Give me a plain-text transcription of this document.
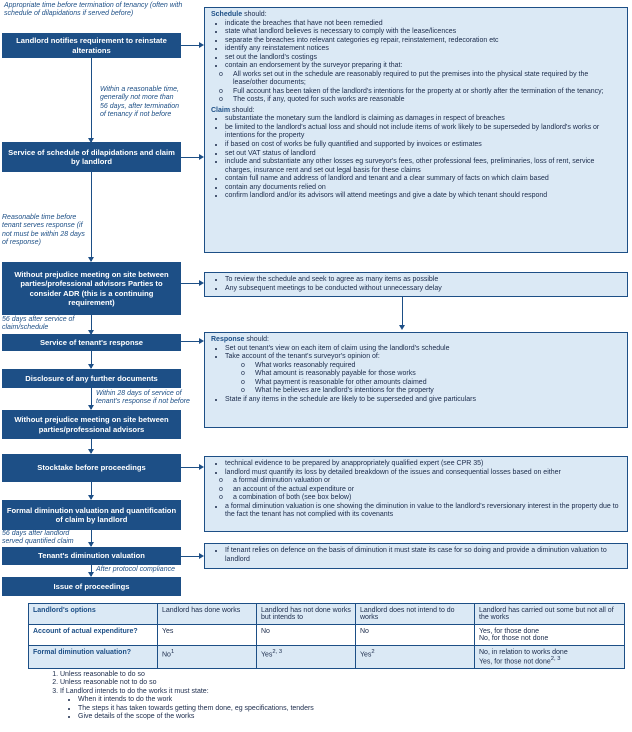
Appropriate time before termination of tenancy (often with schedule of dilapidations if served before)
Landlord notifies requirement to reinstate alterations
Service of schedule of dilapidations and claim by landlord
Without prejudice meeting on site between parties/professional advisors Parties to consider ADR (this is a continuing requirement)
Service of tenant's response
Disclosure of any further documents
Without prejudice meeting on site between parties/professional advisors
Stocktake before proceedings
Formal diminution valuation and quantification of claim by landlord
Tenant's diminution valuation
Issue of proceedings
Within a reasonable time, generally not more than 56 days, after termination of tenancy if not before
Reasonable time before tenant serves response (if not must be within 28 days of response)
56 days after service of claim/schedule
Within 28 days of service of tenant's response if not before
56 days after landlord served quantified claim
After protocol compliance
Schedule should:
• indicate the breaches that have not been remedied
• state what landlord believes is necessary to comply with the lease/licences
• separate the breaches into relevant categories eg repair, reinstatement, redecoration etc
• identify any reinstatement notices
• set out the landlord's costings
• contain an endorsement by the surveyor preparing it that:
o All works set out in the schedule are reasonably required to put the premises into the physical state required by the lease/other documents;
o Full account has been taken of the landlord's intentions for the property at or shortly after the termination of the tenancy;
o The costs, if any, quoted for such works are reasonable
Claim should:
• substantiate the monetary sum the landlord is claiming as damages in respect of breaches
• be limited to the landlord's actual loss and should not include items of work likely to be superseded by landlord's works or intentions for the property
• if based on cost of works be fully quantified and supported by invoices or estimates
• set out VAT status of landlord
• include and substantiate any other losses eg surveyor's fees, other professional fees, preliminaries, loss of rent, service charges, insurance rent and set out legal basis for these claims
• contain full name and address of landlord and tenant and a clear summary of facts on which claim based
• contain any documents relied on
• confirm landlord and/or its advisors will attend meetings and give a date by which tenant should respond
• To review the schedule and seek to agree as many items as possible
• Any subsequent meetings to be conducted without unnecessary delay
Response should:
• Set out tenant's view on each item of claim using the landlord's schedule
• Take account of the tenant's surveyor's opinion of:
o What works reasonably required
o What amount is reasonably payable for those works
o What payment is reasonable for other amounts claimed
o What he believes are landlord's intentions for the property
• State if any items in the schedule are likely to be superseded and give particulars
• technical evidence to be prepared by anappropriately qualified expert (see CPR 35)
• landlord must quantify its loss by detailed breakdown of the issues and consequential losses based on either
o a formal diminution valuation or
o an account of the actual expenditure or
o a combination of both (see box below)
• a formal diminution valuation is one showing the diminution in value to the landlord's reversionary interest in the property due to the fact the tenant has not complied with its covenants
• If tenant relies on defence on the basis of diminution it must state its case for so doing and provide a diminution valuation to landlord
Landlord's options	Landlord has done works	Landlord has not done works but intends to	Landlord does not intend to do works	Landlord has carried out some but not all of the works
Account of actual expenditure?	Yes	No	No	Yes, for those done
No, for those not done

Formal diminution valuation?	No$^1$	Yes$^{2, 3}$	Yes$^2$	No, in relation to works done
Yes, for those not done$^{2, 3}$
1. Unless reasonable to do so
2. Unless reasonable not to do so
3. If Landlord intends to do the works it must state:
• When it intends to do the work
• The steps it has taken towards getting them done, eg specifications, tenders
• Give details of the scope of the works
